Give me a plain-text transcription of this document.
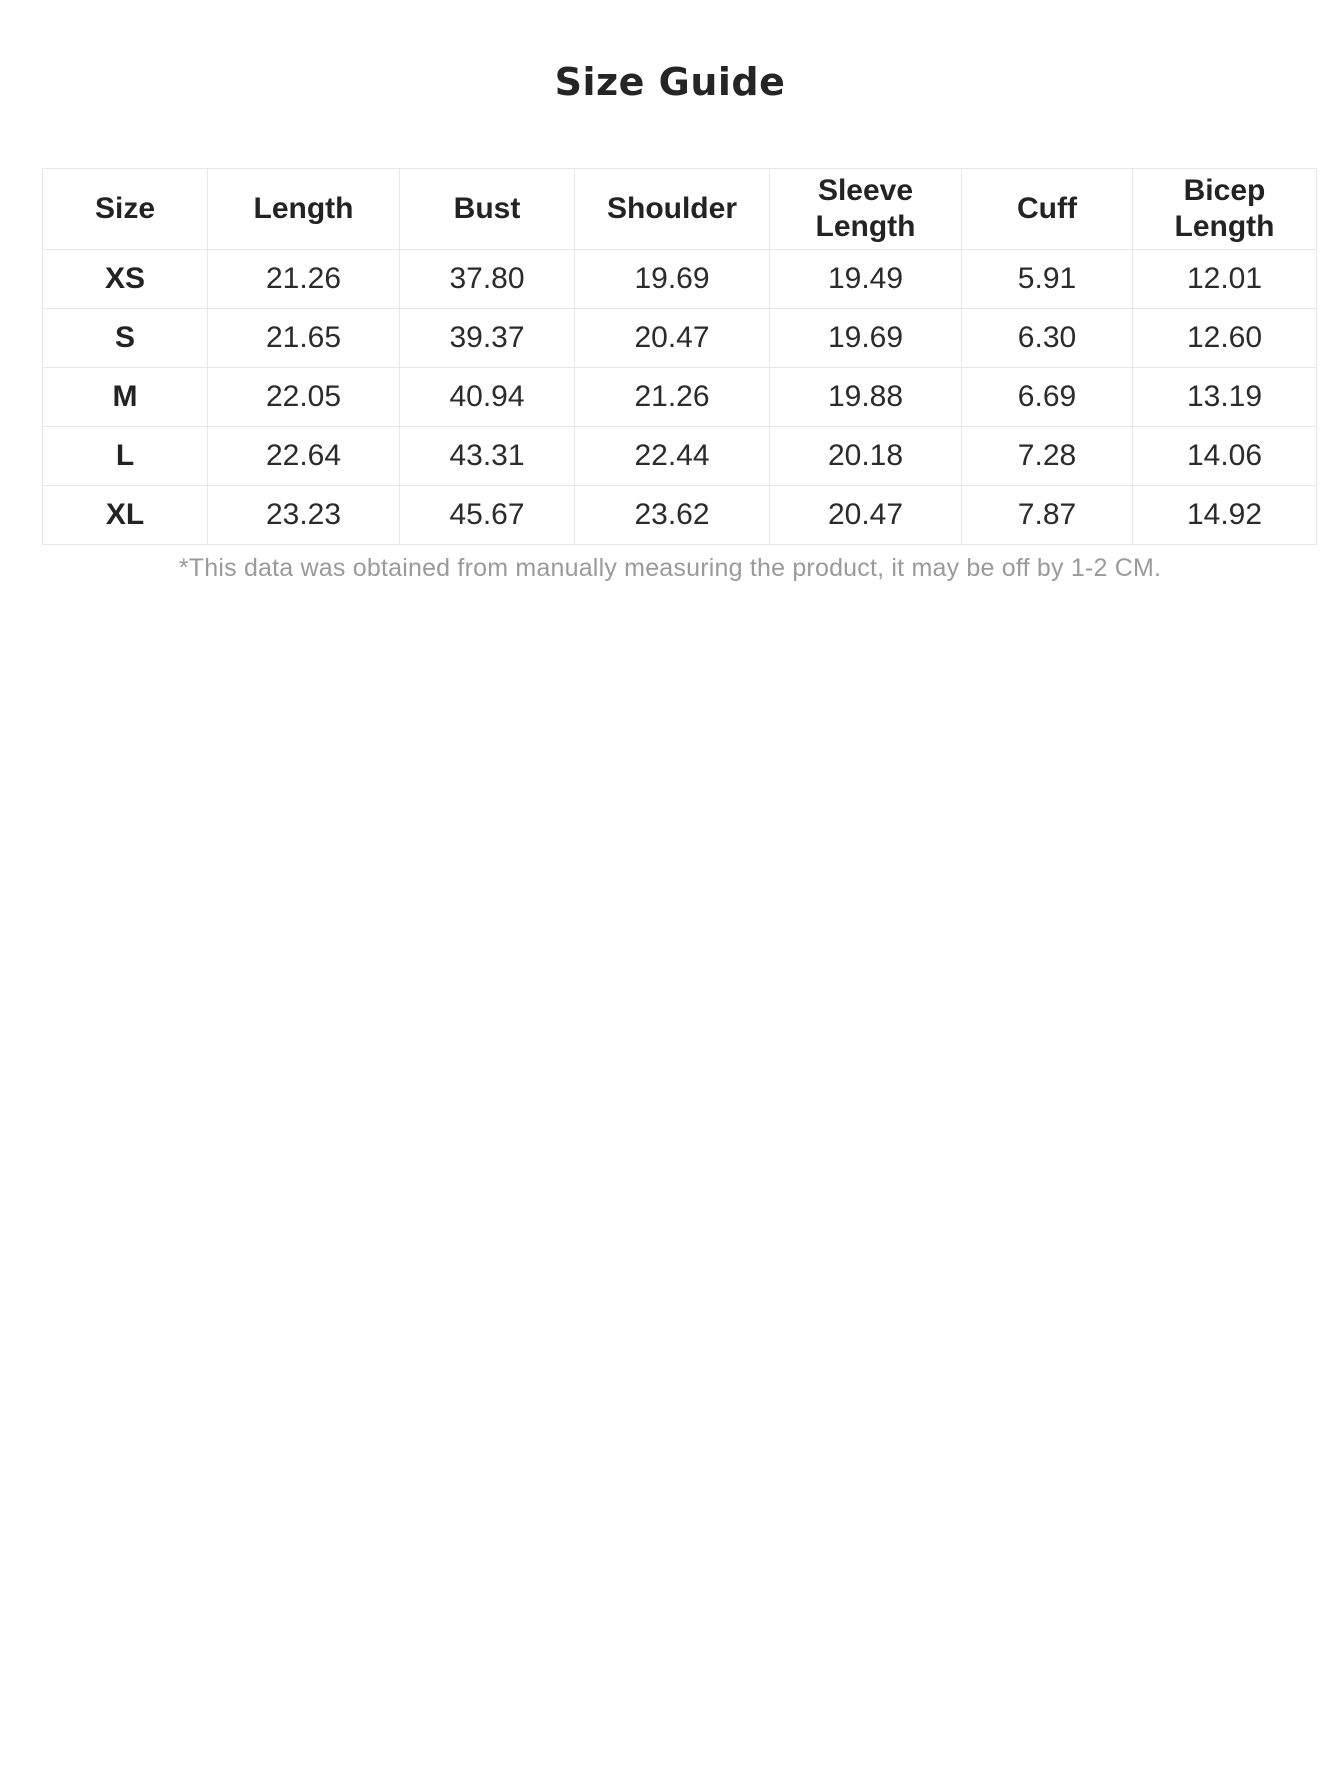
Size Guide
Size	Length	Bust	Shoulder	Sleeve Length	Cuff	Bicep Length
XS	21.26	37.80	19.69	19.49	5.91	12.01
S	21.65	39.37	20.47	19.69	6.30	12.60
M	22.05	40.94	21.26	19.88	6.69	13.19
L	22.64	43.31	22.44	20.18	7.28	14.06
XL	23.23	45.67	23.62	20.47	7.87	14.92
*This data was obtained from manually measuring the product, it may be off by 1-2 CM.
